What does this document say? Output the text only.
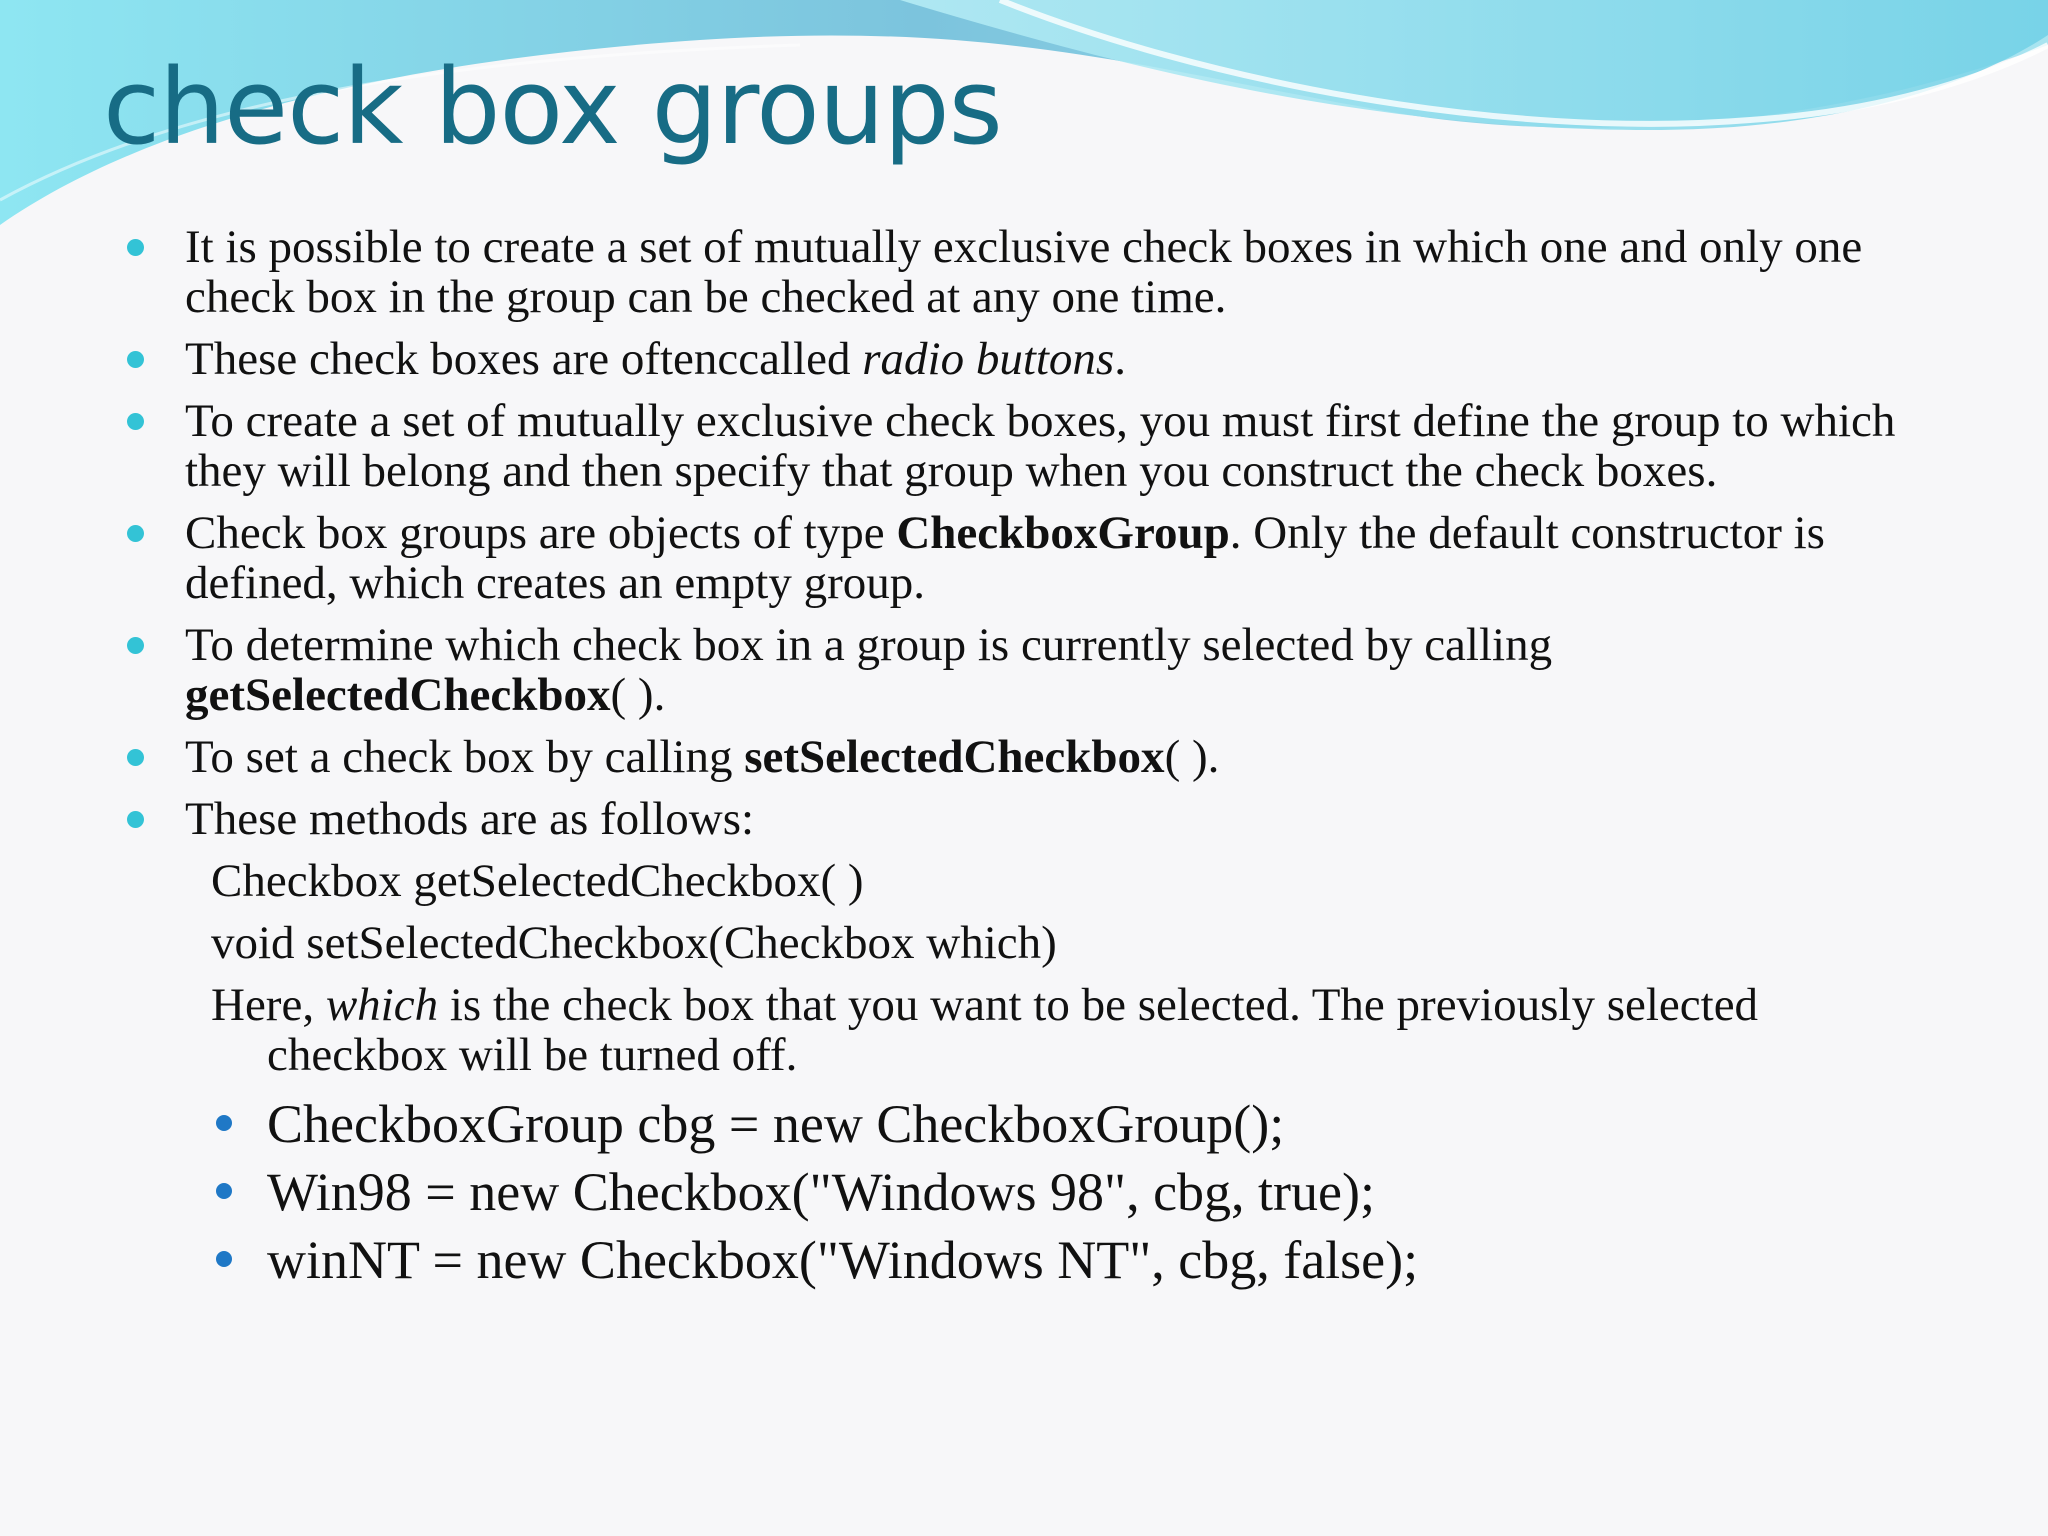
check box groups
It is possible to create a set of mutually exclusive check boxes in which one and only one check box in the group can be checked at any one time.
These check boxes are oftenccalled radio buttons.
To create a set of mutually exclusive check boxes, you must first define the group to which they will belong and then specify that group when you construct the check boxes.
Check box groups are objects of type CheckboxGroup. Only the default constructor is defined, which creates an empty group.
To determine which check box in a group is currently selected by calling getSelectedCheckbox( ).
To set a check box by calling setSelectedCheckbox( ).
These methods are as follows:
Checkbox getSelectedCheckbox( )
void setSelectedCheckbox(Checkbox which)
Here, which is the check box that you want to be selected. The previously selected checkbox will be turned off.
CheckboxGroup cbg = new CheckboxGroup();
Win98 = new Checkbox("Windows 98", cbg, true);
winNT = new Checkbox("Windows NT", cbg, false);
